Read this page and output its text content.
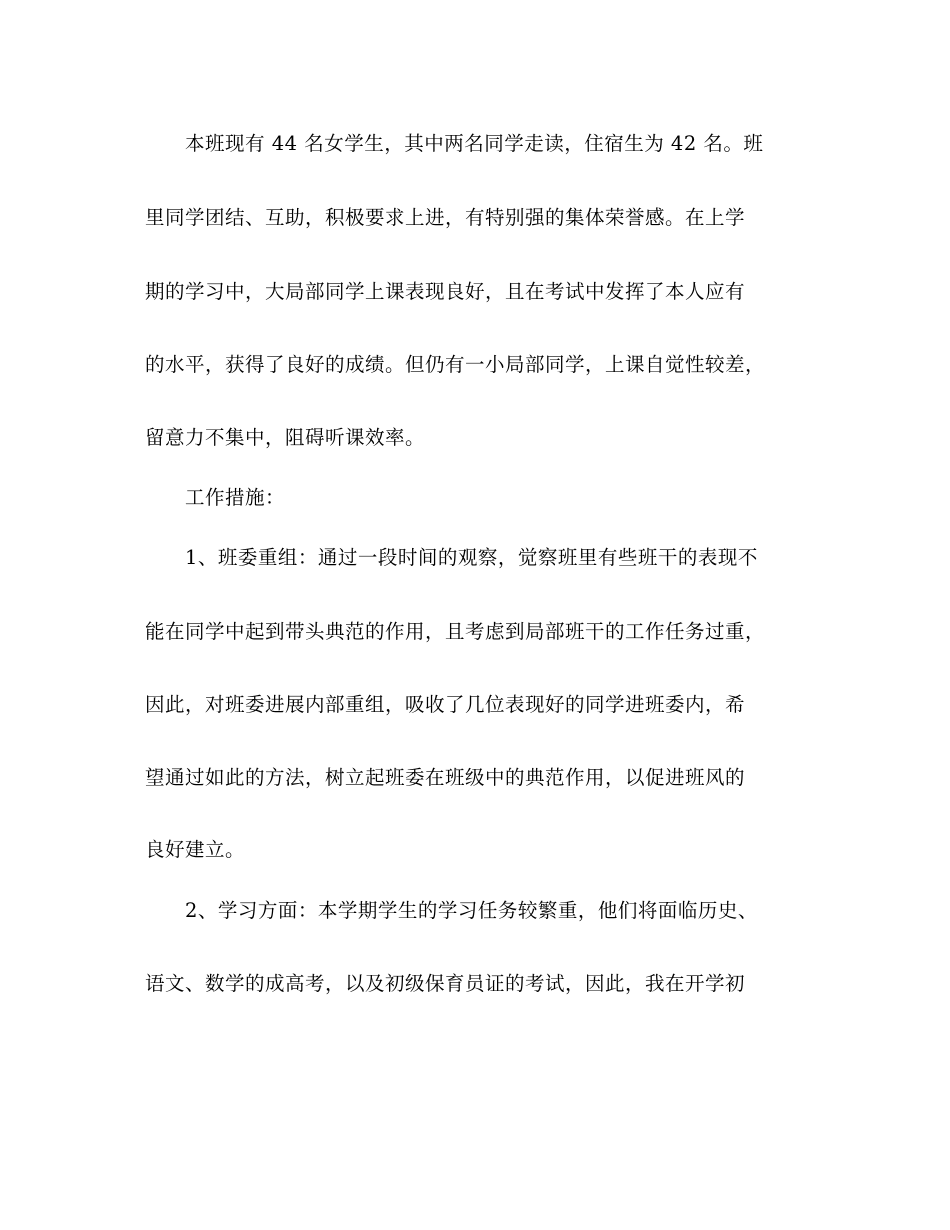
本班现有 44 名女学生，其中两名同学走读，住宿生为 42 名。班
里同学团结、互助，积极要求上进，有特别强的集体荣誉感。在上学
期的学习中，大局部同学上课表现良好，且在考试中发挥了本人应有
的水平，获得了良好的成绩。但仍有一小局部同学，上课自觉性较差，
留意力不集中，阻碍听课效率。
工作措施：
1、班委重组：通过一段时间的观察，觉察班里有些班干的表现不
能在同学中起到带头典范的作用，且考虑到局部班干的工作任务过重，
因此，对班委进展内部重组，吸收了几位表现好的同学进班委内，希
望通过如此的方法，树立起班委在班级中的典范作用，以促进班风的
良好建立。
2、学习方面：本学期学生的学习任务较繁重，他们将面临历史、
语文、数学的成高考，以及初级保育员证的考试，因此，我在开学初
